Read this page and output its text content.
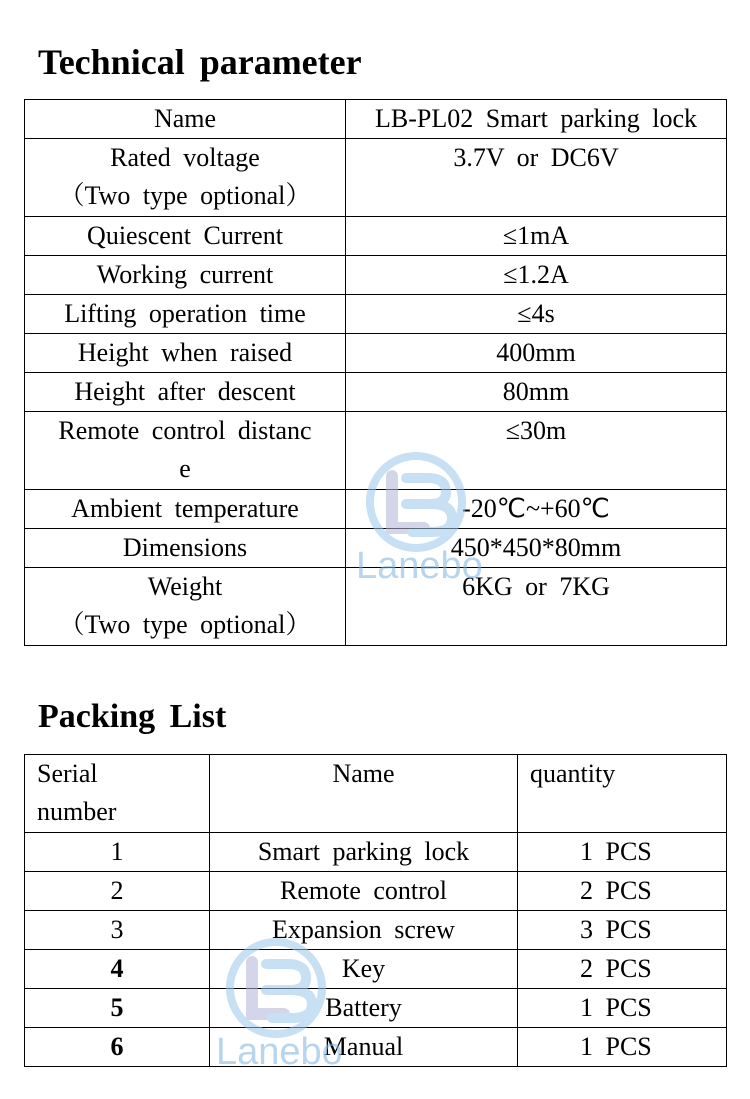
Technical parameter
Name	LB-PL02 Smart parking lock

Rated voltage
（Two type optional）	3.7V or DC6V

Quiescent Current	≤1mA

Working current	≤1.2A

Lifting operation time	≤4s

Height when raised	400mm

Height after descent	80mm

Remote control distanc
e	≤30m

Ambient temperature	-20℃~+60℃

Dimensions	450*450*80mm

Weight
（Two type optional）	6KG or 7KG
Packing List
Serial
number	Name	quantity
1	Smart parking lock	1 PCS
2	Remote control	2 PCS
3	Expansion screw	3 PCS
4	Key	2 PCS
5	Battery	1 PCS
6	Manual	1 PCS
Lanebo
Lanebo
